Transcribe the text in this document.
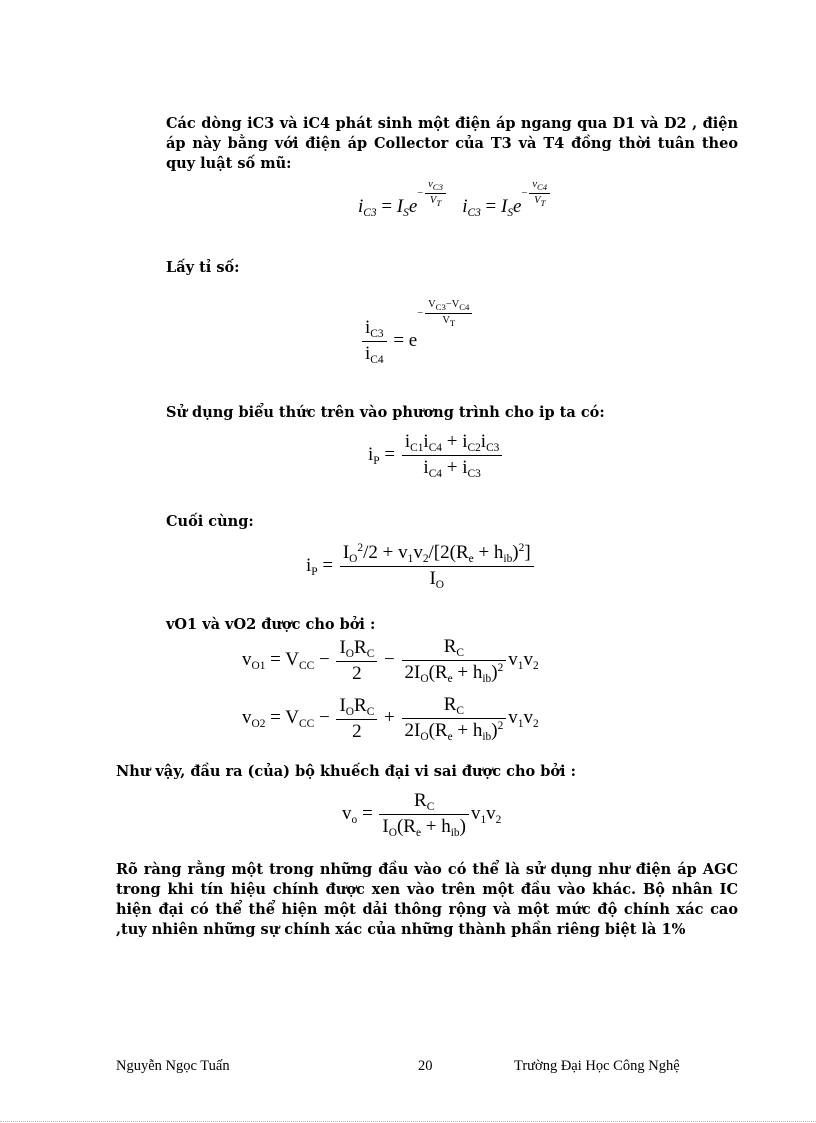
Các dòng iC3 và iC4 phát sinh một điện áp ngang qua D1 và D2 , điện áp này bằng với điện áp Collector của T3 và T4 đồng thời tuân theo quy luật số mũ:
$i_{C3} = I_Se- \frac{v_{C3}}{V_T} i_{C3} = I_Se- \frac{v_{C4}}{V_T}$
Lấy tỉ số:
$\frac{i_{C3}}{i_{C4}} = e- \frac{V_{C3}-V_{C4}}{V_T}$
Sử dụng biểu thức trên vào phương trình cho ip ta có:
$i_P = \frac{i_{C1}i_{C4} + i_{C2}i_{C3}}{i_{C4} + i_{C3}}$
Cuối cùng:
$i_P = \frac{I_O^2/2 + v_1v_2/[2(R_e + h_{ib})^2]}{I_O}$
vO1 và vO2 được cho bởi :
$v_{O1} = V_{CC} - \frac{I_OR_C}{2} - \frac{R_C}{2I_O(R_e + h_{ib})^2} v_1v_2$
$v_{O2} = V_{CC} - \frac{I_OR_C}{2} + \frac{R_C}{2I_O(R_e + h_{ib})^2} v_1v_2$
Như vậy, đầu ra (của) bộ khuếch đại vi sai được cho bởi :
$v_o = \frac{R_C}{I_O(R_e + h_{ib})} v_1v_2$
Rõ ràng rằng một trong những đầu vào có thể là sử dụng như điện áp AGC trong khi tín hiệu chính được xen vào trên một đầu vào khác. Bộ nhân IC hiện đại có thể thể hiện một dải thông rộng và một mức độ chính xác cao ,tuy nhiên những sự chính xác của những thành phần riêng biệt là 1%
Nguyễn Ngọc Tuấn	20	Trường Đại Học Công Nghệ
